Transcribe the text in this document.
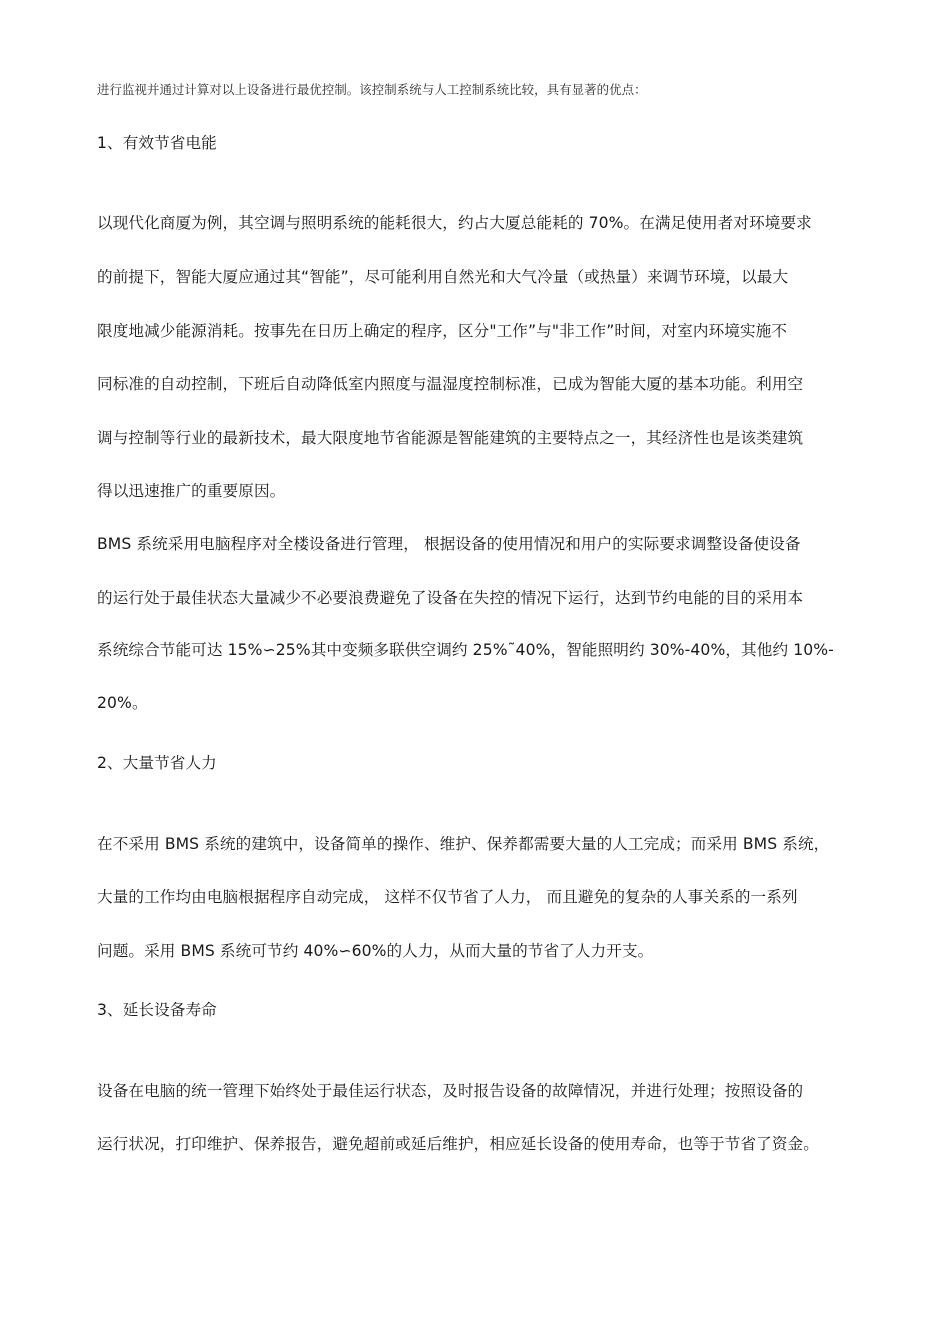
进行监视并通过计算对以上设备进行最优控制。该控制系统与人工控制系统比较，具有显著的优点：

1、有效节省电能

以现代化商厦为例，其空调与照明系统的能耗很大，约占大厦总能耗的 70%。在满足使用者对环境要求

的前提下，智能大厦应通过其“智能”，尽可能利用自然光和大气冷量（或热量）来调节环境，以最大

限度地减少能源消耗。按事先在日历上确定的程序，区分"工作”与"非工作”时间，对室内环境实施不

同标准的自动控制，下班后自动降低室内照度与温湿度控制标准，已成为智能大厦的基本功能。利用空

调与控制等行业的最新技术，最大限度地节省能源是智能建筑的主要特点之一，其经济性也是该类建筑

得以迅速推广的重要原因。

BMS 系统采用电脑程序对全楼设备进行管理， 根据设备的使用情况和用户的实际要求调整设备使设备

的运行处于最佳状态大量减少不必要浪费避免了设备在失控的情况下运行，达到节约电能的目的采用本

系统综合节能可达 15%∽25%其中变频多联供空调约 25%˜40%，智能照明约 30%-40%，其他约 10%-

20%。

2、大量节省人力

在不采用 BMS 系统的建筑中，设备简单的操作、维护、保养都需要大量的人工完成；而采用 BMS 系统，

大量的工作均由电脑根据程序自动完成， 这样不仅节省了人力， 而且避免的复杂的人事关系的一系列

问题。采用 BMS 系统可节约 40%∽60%的人力，从而大量的节省了人力开支。

3、延长设备寿命

设备在电脑的统一管理下始终处于最佳运行状态，及时报告设备的故障情况，并进行处理；按照设备的

运行状况，打印维护、保养报告，避免超前或延后维护，相应延长设备的使用寿命，也等于节省了资金。
